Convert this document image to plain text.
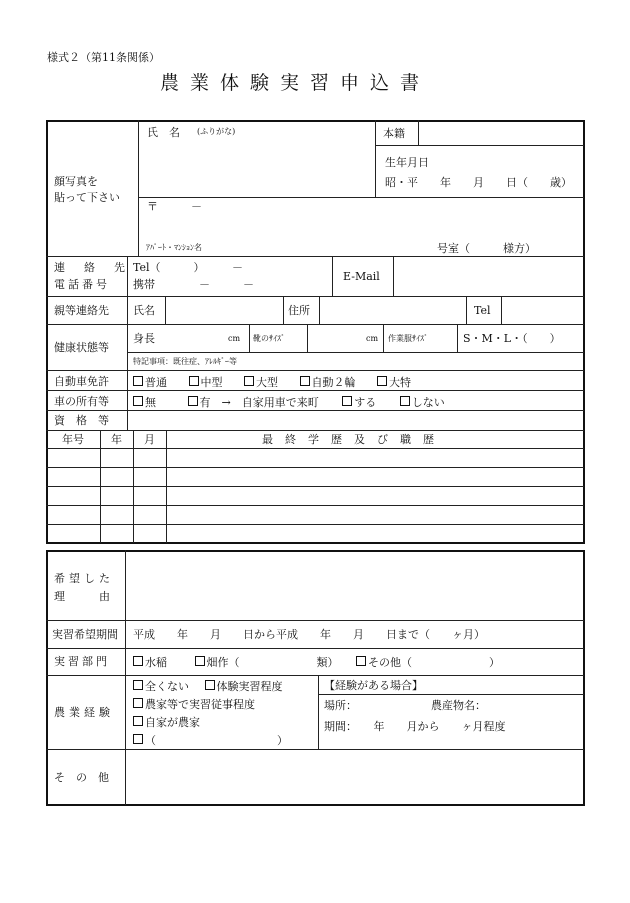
様式２（第11条関係）
農業体験実習申込書
顔写真を
貼って下さい
氏　名 (ふりがな)	本籍
生年月日
昭・平　　年　　月　　日（　　歳）
〒　　　－
ｱﾊﾟｰﾄ・ﾏﾝｼｮﾝ名	号室（　　　様方）
連　絡　先
電話番号
Tel（　　　）　　　－
携帯　　　　－　　　－
E-Mail
親等連絡先 氏名	住所	Tel
健康状態等
身長	cm 靴のｻｲｽﾞ	cm 作業服ｻｲｽﾞ	S・M・L・（　　）
特記事項：既往症、ｱﾚﾙｷﾞｰ等
自動車免許	普通	中型	大型	自動２輪	大特
車の所有等	無	有　→　自家用車で来町	する	しない
資　格　等
年号 年 月	最終学歴及び職歴
希望した
理　　由
実習希望期間 平成　　年　　月　　日から平成　　年　　月　　日まで（　　ヶ月）
実習部門	水稲	畑作（　　　　　　　類）	その他（　　　　　　　）
農業経験
全くない	体験実習程度
農家等で実習従事程度
自家が農家
（　　　　　　　　　　　）
【経験がある場合】
場所：	農産物名：
期間：　　年　　月から　　ヶ月程度
そ　の　他
